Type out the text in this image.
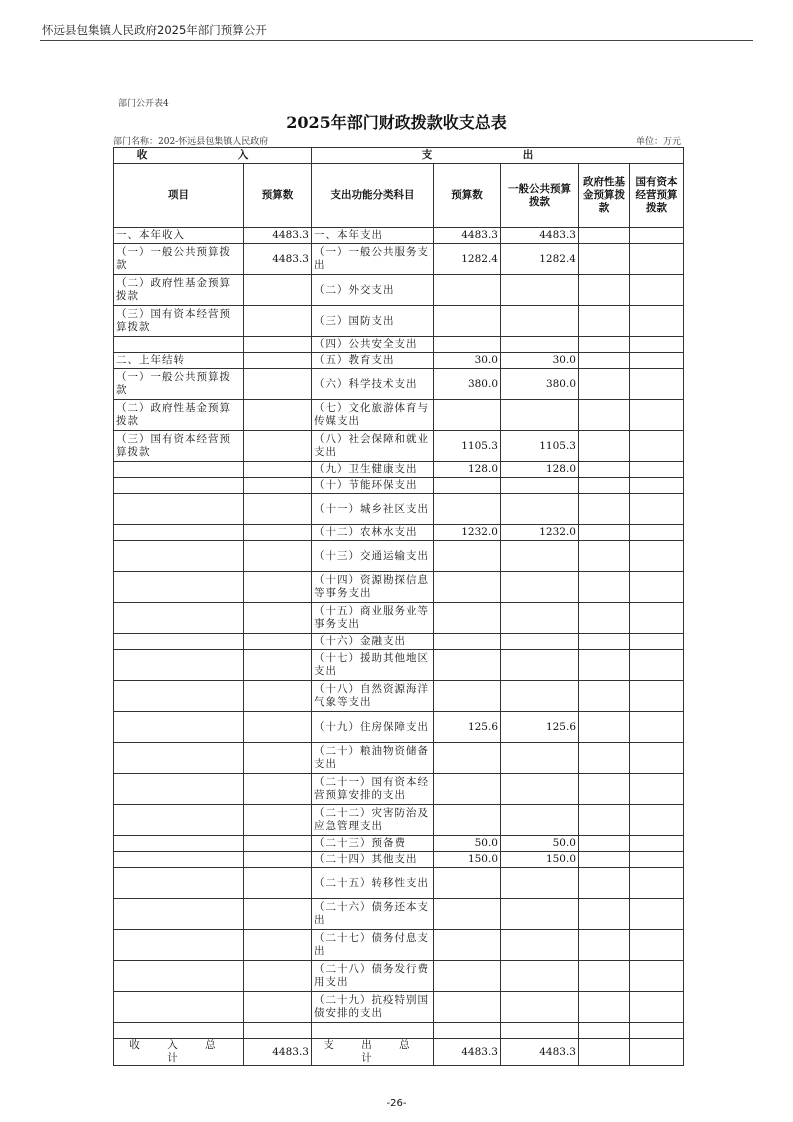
怀远县包集镇人民政府2025年部门预算公开
部门公开表4
2025年部门财政拨款收支总表
部门名称：202-怀远县包集镇人民政府	单位：万元
收　入		支　出				
项目	预算数	支出功能分类科目	预算数	一般公共预算拨款	政府性基金预算拨款	国有资本经营预算拨款
一、本年收入	4483.3	一、本年支出	4483.3	4483.3		
（一）一般公共预算拨款	4483.3	（一）一般公共服务支出	1282.4	1282.4		
（二）政府性基金预算拨款		（二）外交支出				
（三）国有资本经营预算拨款		（三）国防支出				
		（四）公共安全支出				
二、上年结转		（五）教育支出	30.0	30.0		
（一）一般公共预算拨款		（六）科学技术支出	380.0	380.0		
（二）政府性基金预算拨款		（七）文化旅游体育与传媒支出				
（三）国有资本经营预算拨款		（八）社会保障和就业支出	1105.3	1105.3		
		（九）卫生健康支出	128.0	128.0		
		（十）节能环保支出				
		（十一）城乡社区支出				
		（十二）农林水支出	1232.0	1232.0		
		（十三）交通运输支出				
		（十四）资源勘探信息等事务支出				
		（十五）商业服务业等事务支出				
		（十六）金融支出				
		（十七）援助其他地区支出				
		（十八）自然资源海洋气象等支出				
		（十九）住房保障支出	125.6	125.6		
		（二十）粮油物资储备支出				
		（二十一）国有资本经营预算安排的支出				
		（二十二）灾害防治及应急管理支出				
		（二十三）预备费	50.0	50.0		
		（二十四）其他支出	150.0	150.0		
		（二十五）转移性支出				
		（二十六）债务还本支出				
		（二十七）债务付息支出				
		（二十八）债务发行费用支出				
		（二十九）抗疫特别国债安排的支出				

收 入 总 计	4483.3	支 出 总 计	4483.3	4483.3		
-26-
